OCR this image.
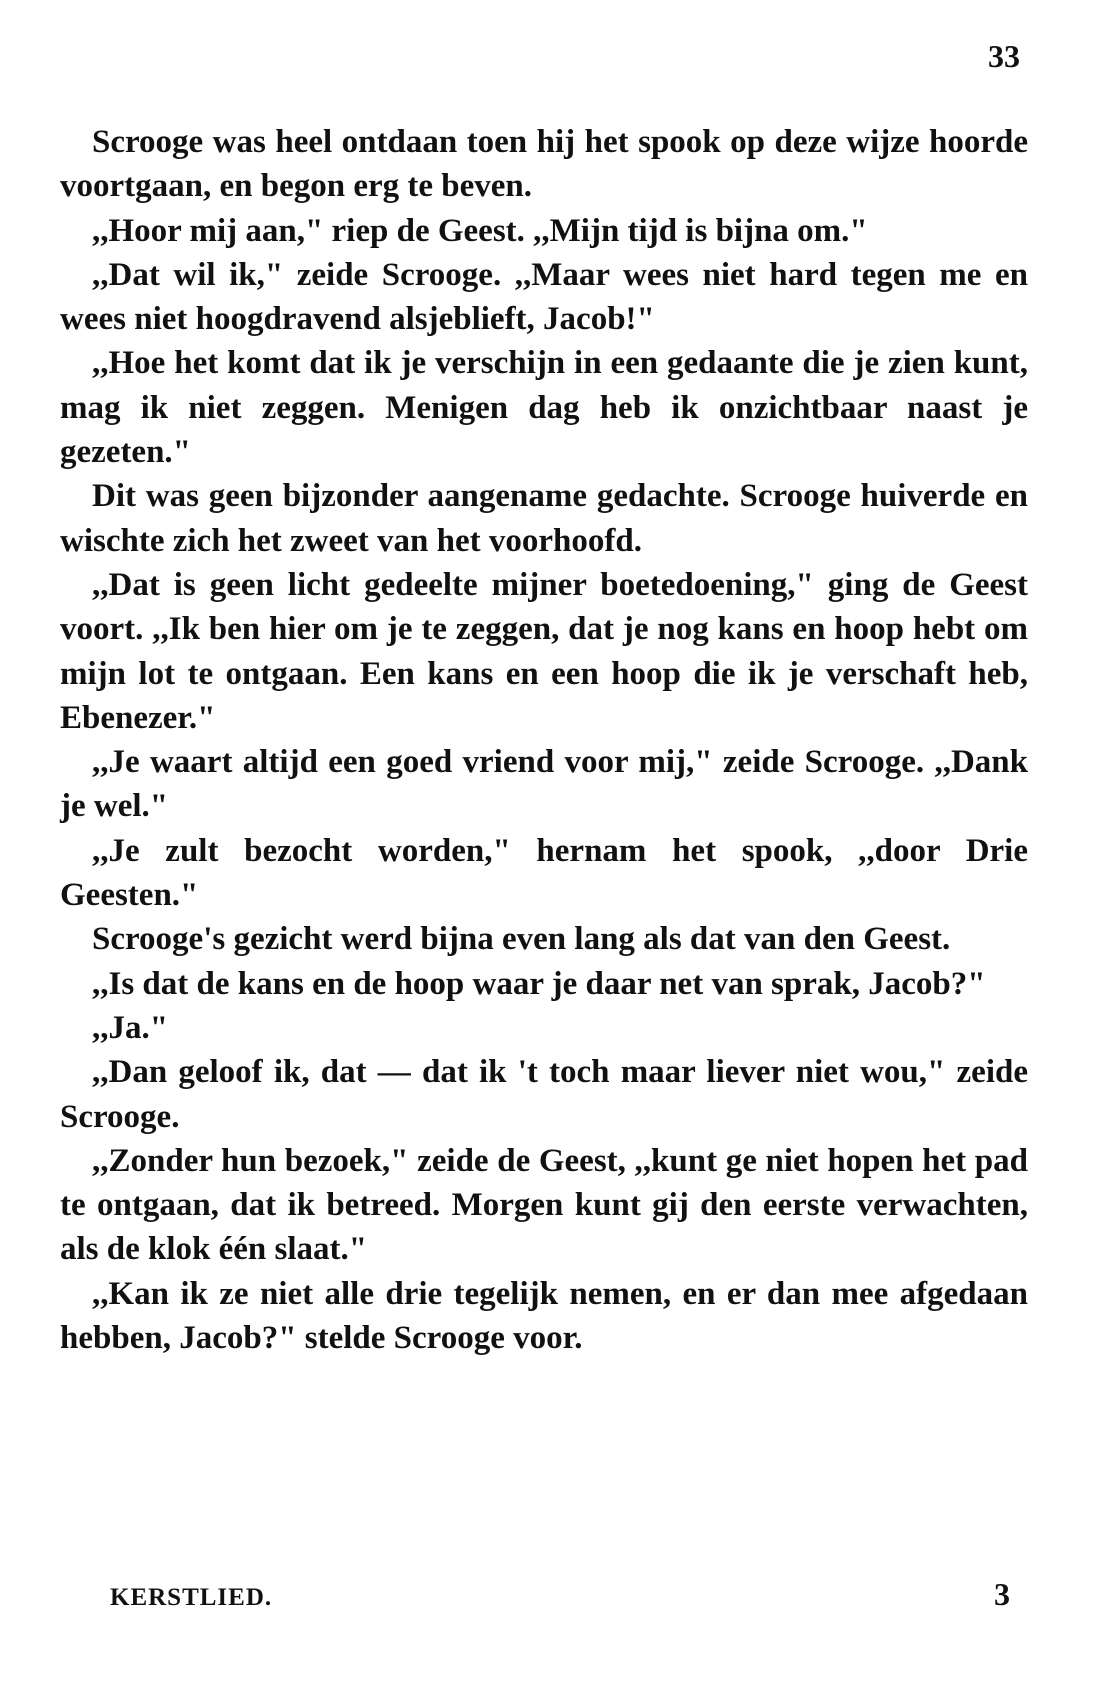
33

Scrooge was heel ontdaan toen hij het spook op deze wijze hoorde voortgaan, en begon erg te beven.

,,Hoor mij aan," riep de Geest. ,,Mijn tijd is bijna om."

,,Dat wil ik," zeide Scrooge. ,,Maar wees niet hard tegen me en wees niet hoogdravend alsjeblieft, Jacob!"

,,Hoe het komt dat ik je verschijn in een gedaante die je zien kunt, mag ik niet zeggen. Menigen dag heb ik onzichtbaar naast je gezeten."

Dit was geen bijzonder aangename gedachte. Scrooge huiverde en wischte zich het zweet van het voorhoofd.

,,Dat is geen licht gedeelte mijner boetedoening," ging de Geest voort. ,,Ik ben hier om je te zeggen, dat je nog kans en hoop hebt om mijn lot te ontgaan. Een kans en een hoop die ik je verschaft heb, Ebenezer."

,,Je waart altijd een goed vriend voor mij," zeide Scrooge. ,,Dank je wel."

,,Je zult bezocht worden," hernam het spook, ,,door Drie Geesten."

Scrooge's gezicht werd bijna even lang als dat van den Geest.

,,Is dat de kans en de hoop waar je daar net van sprak, Jacob?"

,,Ja."

,,Dan geloof ik, dat — dat ik 't toch maar liever niet wou," zeide Scrooge.

,,Zonder hun bezoek," zeide de Geest, ,,kunt ge niet hopen het pad te ontgaan, dat ik betreed. Morgen kunt gij den eerste verwachten, als de klok één slaat."

,,Kan ik ze niet alle drie tegelijk nemen, en er dan mee afgedaan hebben, Jacob?" stelde Scrooge voor.

KERSTLIED.	3
